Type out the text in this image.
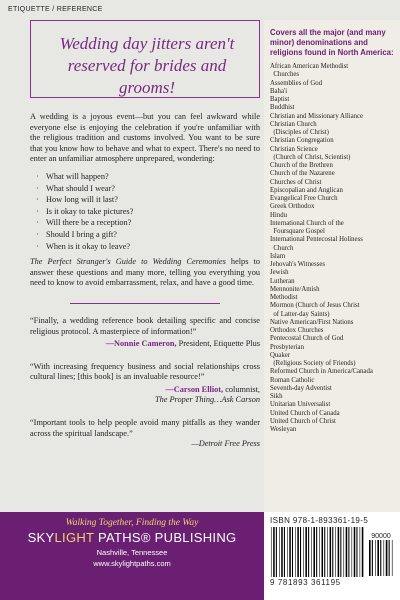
ETIQUETTE / REFERENCE
Wedding day jitters aren't reserved for brides and grooms!

A wedding is a joyous event—but you can feel awkward while everyone else is enjoying the celebration if you're unfamiliar with the religious tradition and customs involved. You want to be sure that you know how to behave and what to expect. There's no need to enter an unfamiliar atmosphere unprepared, wondering:

· What will happen?
· What should I wear?
· How long will it last?
· Is it okay to take pictures?
· Will there be a reception?
· Should I bring a gift?
· When is it okay to leave?

The Perfect Stranger's Guide to Wedding Ceremonies helps to answer these questions and many more, telling you everything you need to know to avoid embarrassment, relax, and have a good time.

“Finally, a wedding reference book detailing specific and concise religious protocol. A masterpiece of information!”

—Nonnie Cameron, President, Etiquette Plus

“With increasing frequency business and social relationships cross cultural lines; [this book] is an invaluable resource!”

—Carson Elliot, columnist,

The Proper Thing…Ask Carson

“Important tools to help people avoid many pitfalls as they wander across the spiritual landscape.”

—Detroit Free Press

Covers all the major (and many minor) denominations and religions found in North America:
African American Methodist
Churches
Assemblies of God
Baha'i
Baptist
Buddhist
Christian and Missionary Alliance
Christian Church
(Disciples of Christ)
Christian Congregation
Christian Science
(Church of Christ, Scientist)
Church of the Brethren
Church of the Nazarene
Churches of Christ
Episcopalian and Anglican
Evangelical Free Church
Greek Orthodox
Hindu
International Church of the
Foursquare Gospel
International Pentecostal Holiness
Church
Islam
Jehovah's Witnesses
Jewish
Lutheran
Mennonite/Amish
Methodist
Mormon (Church of Jesus Christ
of Latter-day Saints)
Native American/First Nations
Orthodox Churches
Pentecostal Church of God
Presbyterian
Quaker
(Religious Society of Friends)
Reformed Church in America/Canada
Roman Catholic
Seventh-day Adventist
Sikh
Unitarian Universalist
United Church of Canada
United Church of Christ
Wesleyan
Walking Together, Finding the Way
SKYLIGHT PATHS® PUBLISHING
Nashville, Tennessee
www.skylightpaths.com
ISBN 978-1-893361-19-5
90000
9 781893 361195
